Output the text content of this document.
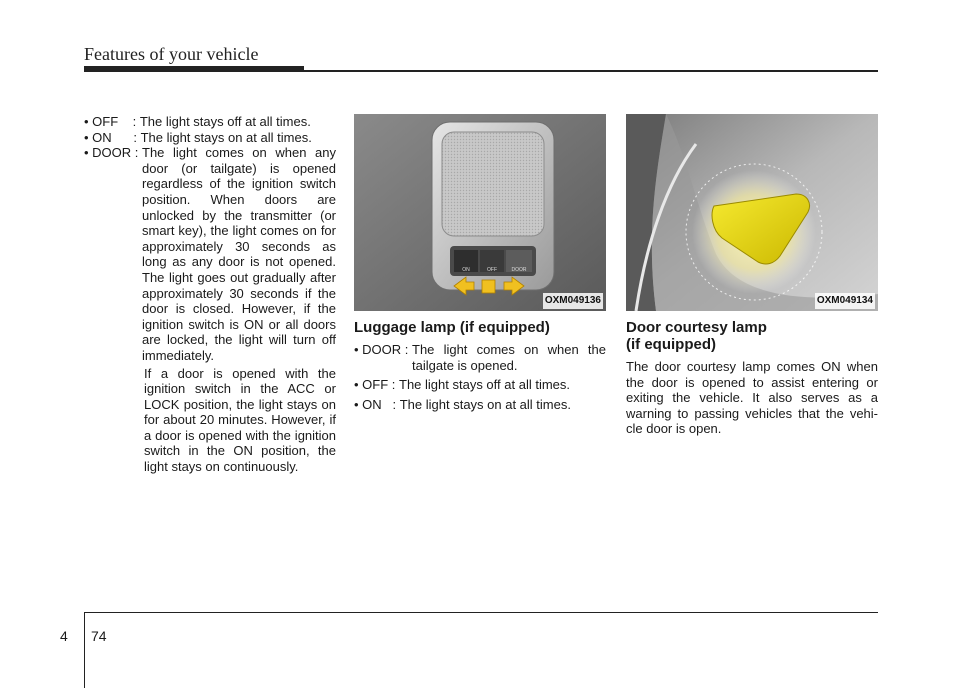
Features of your vehicle
• OFF    : The light stays off at all times.
• ON      : The light stays on at all times.
• DOOR : The light comes on when any door (or tailgate) is opened regardless of the ignition switch position. When doors are unlocked by the transmitter (or smart key), the light comes on for approximately 30 seconds as long as any door is not opened. The light goes out gradually after approximately 30 seconds if the door is closed. However, if the ignition switch is ON or all doors are locked, the light will turn off immediately.
If a door is opened with the ignition switch in the ACC or LOCK position, the light stays on for about 20 minutes. However, if a door is opened with the ignition switch in the ON position, the light stays on continuously.
ON	OFF	DOOR
OXM049136
Luggage lamp (if equipped)
• DOOR : The light comes on when the tailgate is opened.
• OFF : The light stays off at all times.
• ON   : The light stays on at all times.
OXM049134
Door courtesy lamp
(if equipped)
The door courtesy lamp comes ON when the door is opened to assist entering or exiting the vehicle. It also serves as a warning to passing vehicles that the vehi-cle door is open.
4 74
